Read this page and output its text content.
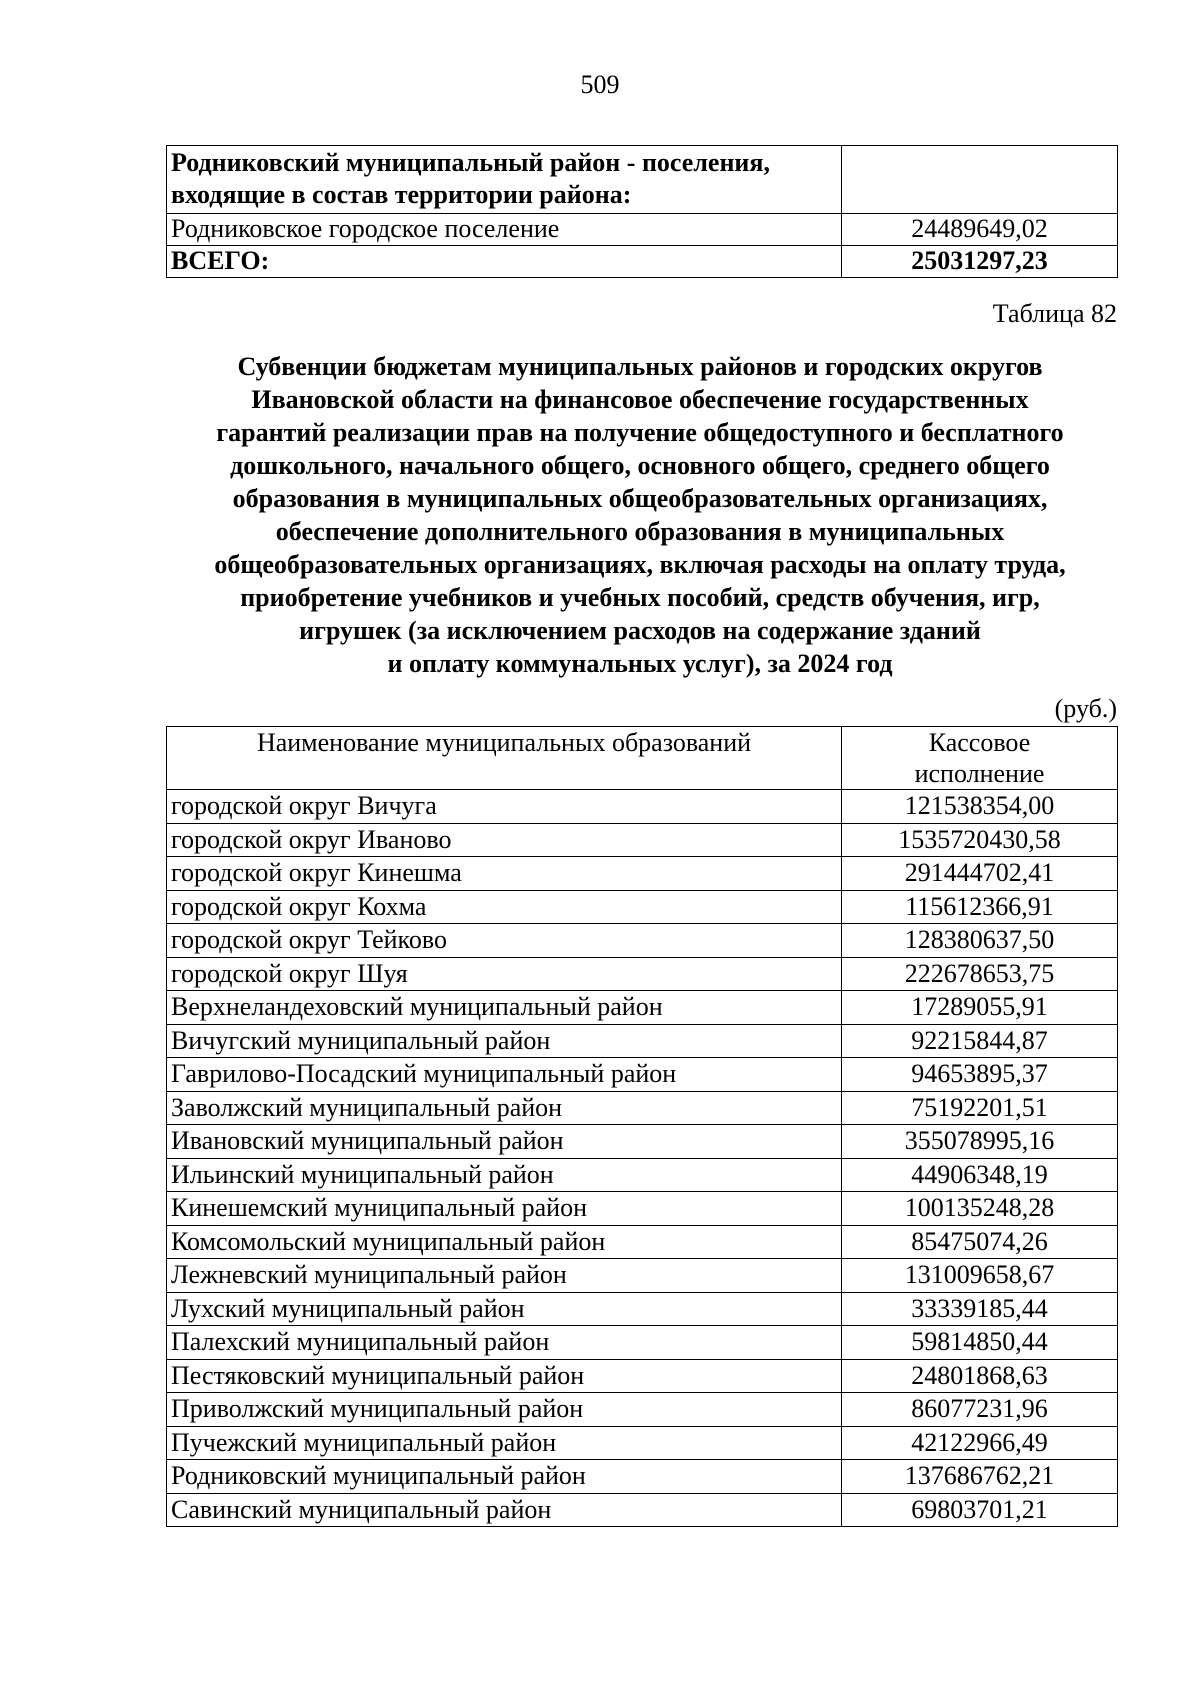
509
Родниковский муниципальный район - поселения,
входящие в состав территории района:	

Родниковское городское поселение	24489649,02
ВСЕГО:	25031297,23
Таблица 82
Субвенции бюджетам муниципальных районов и городских округов
Ивановской области на финансовое обеспечение государственных
гарантий реализации прав на получение общедоступного и бесплатного
дошкольного, начального общего, основного общего, среднего общего
образования в муниципальных общеобразовательных организациях,
обеспечение дополнительного образования в муниципальных
общеобразовательных организациях, включая расходы на оплату труда,
приобретение учебников и учебных пособий, средств обучения, игр,
игрушек (за исключением расходов на содержание зданий
и оплату коммунальных услуг), за 2024 год
(руб.)
Наименование муниципальных образований	Кассовое
исполнение

городской округ Вичуга	121538354,00
городской округ Иваново	1535720430,58
городской округ Кинешма	291444702,41
городской округ Кохма	115612366,91
городской округ Тейково	128380637,50
городской округ Шуя	222678653,75
Верхнеландеховский муниципальный район	17289055,91
Вичугский муниципальный район	92215844,87
Гаврилово-Посадский муниципальный район	94653895,37
Заволжский муниципальный район	75192201,51
Ивановский муниципальный район	355078995,16
Ильинский муниципальный район	44906348,19
Кинешемский муниципальный район	100135248,28
Комсомольский муниципальный район	85475074,26
Лежневский муниципальный район	131009658,67
Лухский муниципальный район	33339185,44
Палехский муниципальный район	59814850,44
Пестяковский муниципальный район	24801868,63
Приволжский муниципальный район	86077231,96
Пучежский муниципальный район	42122966,49
Родниковский муниципальный район	137686762,21
Савинский муниципальный район	69803701,21
